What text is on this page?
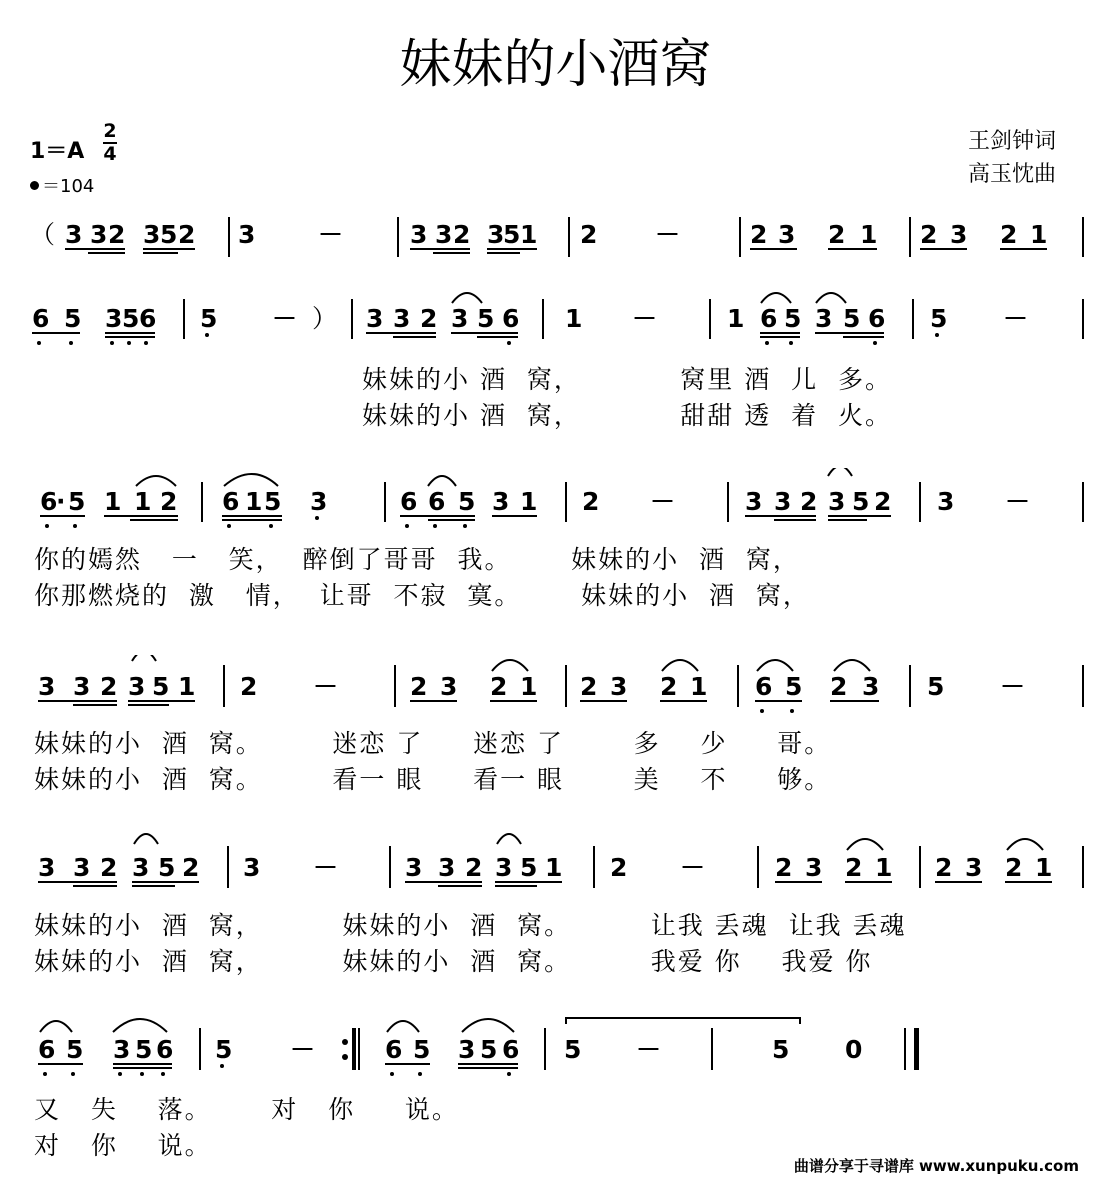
妹妹的小酒窝
1＝A
2
4
＝104
王剑钟词
高玉忱曲
（ 3 3 2 3 5 2 3	－	3 3 2 3
5 1 2 －	2 3 2 1 2 3 2 1
6 5 3 5 6 5 － ） 3 3 2 3 5 6 1 －	1 6 5 3 5 6 5 －
妹妹的小 酒  窝，          窝里 酒  儿  多。
妹妹的小 酒  窝，          甜甜 透  着  火。
6
· 5 1 1 2 6 1 5 3	6 6 5 3 1 2 －	3 3 2 3 5 2 3 －
你的嫣然   一   笑，  醉倒了哥哥  我。      妹妹的小  酒  窝，
你那燃烧的  激   情，  让哥  不寂  寞。      妹妹的小  酒  窝，
3 3 2 3 5 1 2 －	2 3 2 1 2 3 2 1 6 5 2 3 5 －
妹妹的小  酒  窝。       迷恋 了     迷恋 了       多    少     哥。
妹妹的小  酒  窝。       看一 眼     看一 眼       美    不     够。
3 3 2 3 5 2 3 －	3 3 2 3 5 1 2 －	2 3 2 1 2 3 2 1
妹妹的小  酒  窝，        妹妹的小  酒  窝。        让我 丢魂  让我 丢魂
妹妹的小  酒  窝，        妹妹的小  酒  窝。        我爱 你    我爱 你
6 5 3 5 6 5 －	6 5 3 5 6 5 －	5 0
又   失    落。      对   你     说。
对   你    说。
曲谱分享于寻谱库 www.xunpuku.com
